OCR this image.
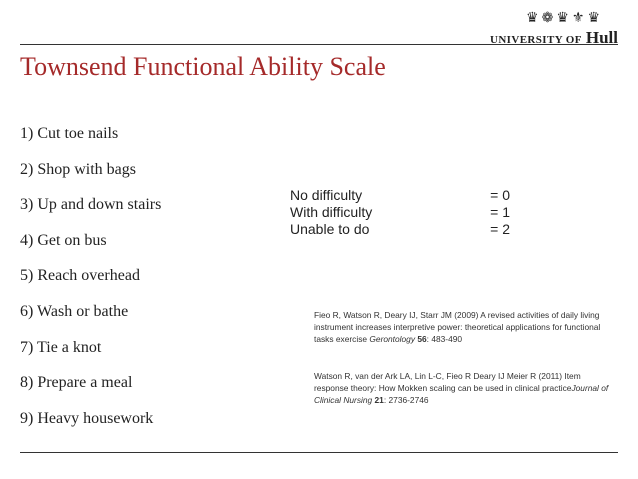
♛ ❁ ♛ ⚜ ♛
UNIVERSITY OF Hull
Townsend Functional Ability Scale
1) Cut toe nails
2) Shop with bags
3) Up and down stairs
4) Get on bus
5) Reach overhead
6) Wash or bathe
7) Tie a knot
8) Prepare a meal
9) Heavy housework
No difficulty	= 0
With difficulty	= 1
Unable to do	= 2
Fieo R, Watson R, Deary IJ, Starr JM (2009) A revised activities of daily living instrument increases interpretive power: theoretical applications for functional tasks exercise Gerontology 56: 483-490
Watson R, van der Ark LA, Lin L-C, Fieo R Deary IJ Meier R (2011) Item response theory: How Mokken scaling can be used in clinical practiceJournal of Clinical Nursing 21: 2736-2746
